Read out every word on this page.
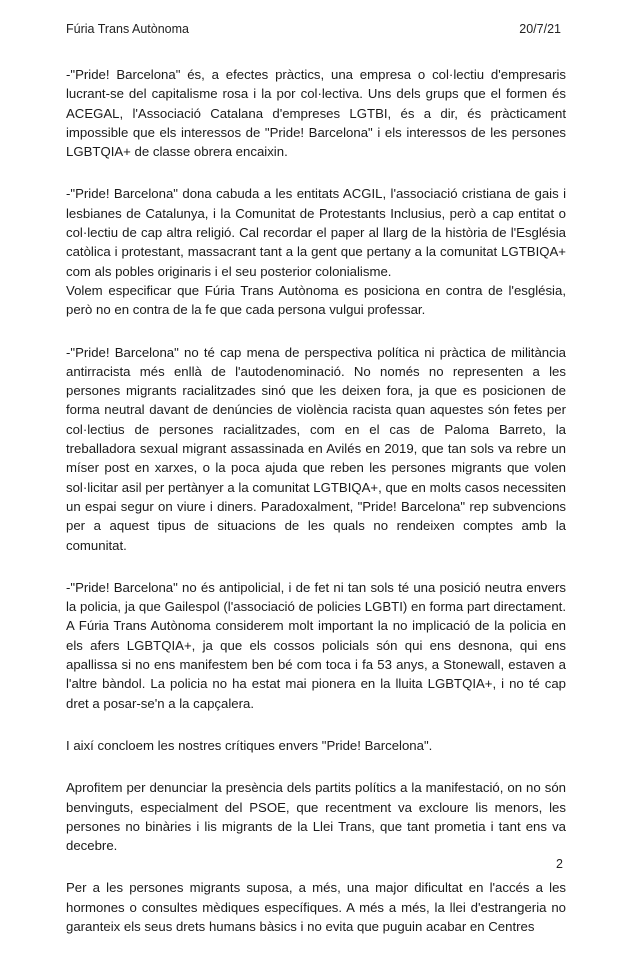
Fúria Trans Autònoma	20/7/21

-"Pride! Barcelona" és, a efectes pràctics, una empresa o col·lectiu d'empresaris lucrant-se del capitalisme rosa i la por col·lectiva. Uns dels grups que el formen és ACEGAL, l'Associació Catalana d'empreses LGTBI, és a dir, és pràcticament impossible que els interessos de "Pride! Barcelona" i els interessos de les persones LGBTQIA+ de classe obrera encaixin.

-"Pride! Barcelona" dona cabuda a les entitats ACGIL, l'associació cristiana de gais i lesbianes de Catalunya, i la Comunitat de Protestants Inclusius, però a cap entitat o col·lectiu de cap altra religió. Cal recordar el paper al llarg de la història de l'Església catòlica i protestant, massacrant tant a la gent que pertany a la comunitat LGTBIQA+ com als pobles originaris i el seu posterior colonialisme.

Volem especificar que Fúria Trans Autònoma es posiciona en contra de l'església, però no en contra de la fe que cada persona vulgui professar.

-"Pride! Barcelona" no té cap mena de perspectiva política ni pràctica de militància antirracista més enllà de l'autodenominació. No només no representen a les persones migrants racialitzades sinó que les deixen fora, ja que es posicionen de forma neutral davant de denúncies de violència racista quan aquestes són fetes per col·lectius de persones racialitzades, com en el cas de Paloma Barreto, la treballadora sexual migrant assassinada en Avilés en 2019, que tan sols va rebre un míser post en xarxes, o la poca ajuda que reben les persones migrants que volen sol·licitar asil per pertànyer a la comunitat LGTBIQA+, que en molts casos necessiten un espai segur on viure i diners. Paradoxalment, "Pride! Barcelona" rep subvencions per a aquest tipus de situacions de les quals no rendeixen comptes amb la comunitat.

-"Pride! Barcelona" no és antipolicial, i de fet ni tan sols té una posició neutra envers la policia, ja que Gailespol (l'associació de policies LGBTI) en forma part directament. A Fúria Trans Autònoma considerem molt important la no implicació de la policia en els afers LGBTQIA+, ja que els cossos policials són qui ens desnona, qui ens apallissa si no ens manifestem ben bé com toca i fa 53 anys, a Stonewall, estaven a l'altre bàndol. La policia no ha estat mai pionera en la lluita LGBTQIA+, i no té cap dret a posar-se'n a la capçalera.

I així concloem les nostres crítiques envers "Pride! Barcelona".

Aprofitem per denunciar la presència dels partits polítics a la manifestació, on no són benvinguts, especialment del PSOE, que recentment va excloure lis menors, les persones no binàries i lis migrants de la Llei Trans, que tant prometia i tant ens va decebre.

Per a les persones migrants suposa, a més, una major dificultat en l'accés a les hormones o consultes mèdiques específiques. A més a més, la llei d'estrangeria no garanteix els seus drets humans bàsics i no evita que puguin acabar en Centres

2
